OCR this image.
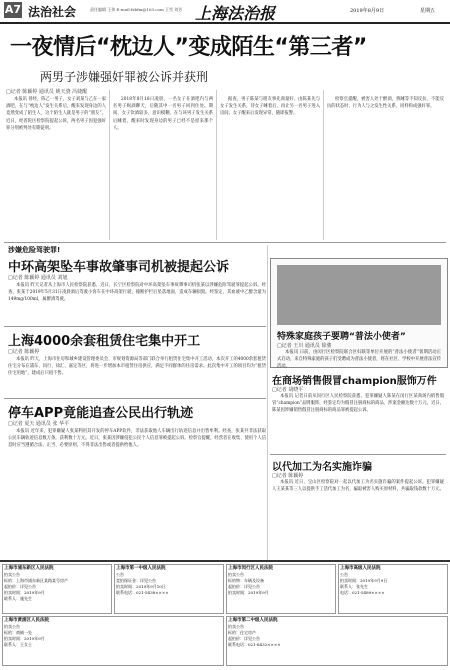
A7 法治社会	责任编辑 王伟 E-mail:fzbfm@163.com 王雪 刘芳 上海法治报	2019年8月9日	星期五
一夜情后“枕边人”变成陌生“第三者”
两男子涉嫌强奸罪被公诉并获刑
□记者 陈颖婷 通讯员 姚天骁 冯婕醒

本报讯 曾经，陈乙一男子，女子刘某与乙在一家酒吧，在与“枕边人”发生关系后，醒来发现身边的人竟然变成了陌生人，这个陌生人就是男子的“朋友”。近日，经普陀区检察院提起公诉，两名男子因犯强奸罪分别被判处有期徒刑。

2018年8月18日凌晨，一名女子在酒吧内与两名男子喝酒聊天，后随其中一名男子回到住处。期间，女子饮酒较多，意识模糊，在与该男子发生关系后睡着，醒来时发现身边的男子已经不是原来那个人。

据查，男子陈某与朋友事先商量好，由陈某先与女子发生关系，待女子睡着后，再让另一名男子进入房间。女子醒来后发现异常，随即报警。

检察官提醒，被害人处于醉酒、熟睡等不知反抗、不能反抗的状态时，行为人与之发生性关系，同样构成强奸罪。

涉嫌危险驾驶罪!
中环高架坠车事故肇事司机被提起公诉
□记者 陈颖婷 通讯员 刘旭

本报讯 昨天记者从上海市人民检察院获悉，近日，长宁区检察院对中环高架坠车事故肇事司机张某以涉嫌危险驾驶罪提起公诉。经查，张某于2019年5月31日凌晨酒后驾驶小客车在中环高架行驶，撞断护栏后坠落地面，造成车辆损毁。经鉴定，其血液中乙醇含量为149mg/100ml，属醉酒驾驶。

上海4000余套租赁住宅集中开工
□记者 陈颖婷

本报讯 昨天，上海市住房和城乡建设管理委员会、市规划资源局等部门联合举行租赁住宅集中开工活动，本次开工的4000余套租赁住宅分布在浦东、闵行、徐汇、嘉定等区，将进一步增加本市租赁住房供应，满足不同群体的住房需求。此次集中开工的项目均为“租赁住宅用地”，建成后只租不售。

特殊家庭孩子要聘“普法小使者”
□记者 王川 通讯员 徐骏

本报讯 日前，由闵行区检察院联合区妇联等单位开展的“普法小使者”暑期活动正式启动，来自特殊家庭的孩子们受聘成为普法小使者，将在社区、学校中开展普法宣传活动。

停车APP竟能追查公民出行轨迹
□记者 夏天 通讯员 张 华平

本报讯 近年来，犯罪嫌疑人张某利用其开发的停车APP软件，非法获取他人车辆出行轨迹信息并出售牟利。经查，张某共非法获取公民车辆轨迹信息数万条，获利数十万元。近日，张某因涉嫌侵犯公民个人信息罪被提起公诉。检察官提醒，经营者在收集、使用个人信息时应当遵循合法、正当、必要原则，不得非法出售或者提供给他人。

在商场销售假冒champion服饰万件
□记者 胡晓平

本报讯 记者日前从闵行区人民检察院获悉，犯罪嫌疑人陈某在闵行区某商场内销售假冒“champion”品牌服饰，经鉴定均为假冒注册商标的商品，涉案金额达数十万元。近日，陈某因涉嫌销售假冒注册商标的商品罪被提起公诉。

以代加工为名实施诈骗
□记者 陈颖婷

本报讯 近日，宝山区检察院对一起以代加工为名实施诈骗的案件提起公诉。犯罪嫌疑人王某某等三人以提供手工活代加工为名，骗取被害人购买原材料，共骗取钱款数十万元。

上海市浦东新区人民法院
拍卖公告
标的：上海市浦东新区某路某号房产
起拍价：详见公告
拍卖时间：2019年9月
联系人：施先生
上海市第一中级人民法院
公告
竞拍保证金：详见公告
拍卖时间：2019年9月10日
联系电话：021-5438××××
上海市闵行区人民法院
拍卖公告
标的物：车辆及设备
起拍价：详见公告
拍卖时间：2019年9月
上海市高级人民法院
公告
拍卖时间：2019年9月9日
联系人：张先生
电话：021-5489××××
上海市黄浦区人民法院
拍卖公告
标的：商铺一处
拍卖时间：2019年9月
联系人：王女士
上海市第二中级人民法院
拍卖公告
标的：住宅房产
起拍价：详见公告
联系电话：021-6432××××
